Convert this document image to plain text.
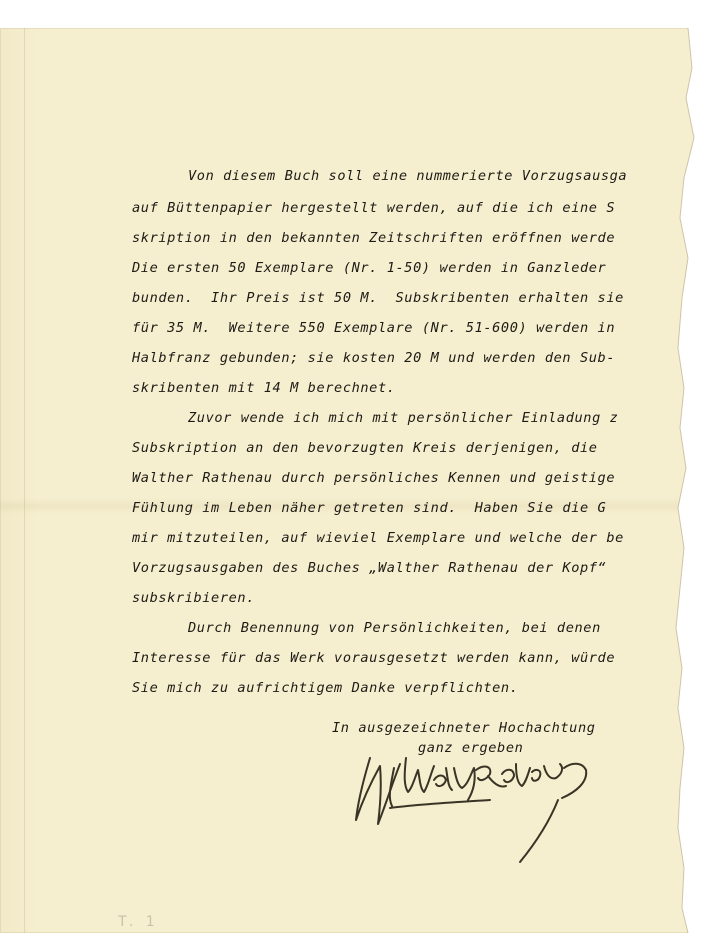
Von diesem Buch soll eine nummerierte Vorzugsausga
auf Büttenpapier hergestellt werden, auf die ich eine S
skription in den bekannten Zeitschriften eröffnen werde
Die ersten 50 Exemplare (Nr. 1-50) werden in Ganzleder
bunden.  Ihr Preis ist 50 M.  Subskribenten erhalten sie
für 35 M.  Weitere 550 Exemplare (Nr. 51-600) werden in
Halbfranz gebunden; sie kosten 20 M und werden den Sub-
skribenten mit 14 M berechnet.
Zuvor wende ich mich mit persönlicher Einladung z
Subskription an den bevorzugten Kreis derjenigen, die
Walther Rathenau durch persönliches Kennen und geistige
Fühlung im Leben näher getreten sind.  Haben Sie die G
mir mitzuteilen, auf wieviel Exemplare und welche der be
Vorzugsausgaben des Buches „Walther Rathenau der Kopf“
subskribieren.
Durch Benennung von Persönlichkeiten, bei denen
Interesse für das Werk vorausgesetzt werden kann, würde
Sie mich zu aufrichtigem Danke verpflichten.
In ausgezeichneter Hochachtung
ganz ergeben
T. 1
